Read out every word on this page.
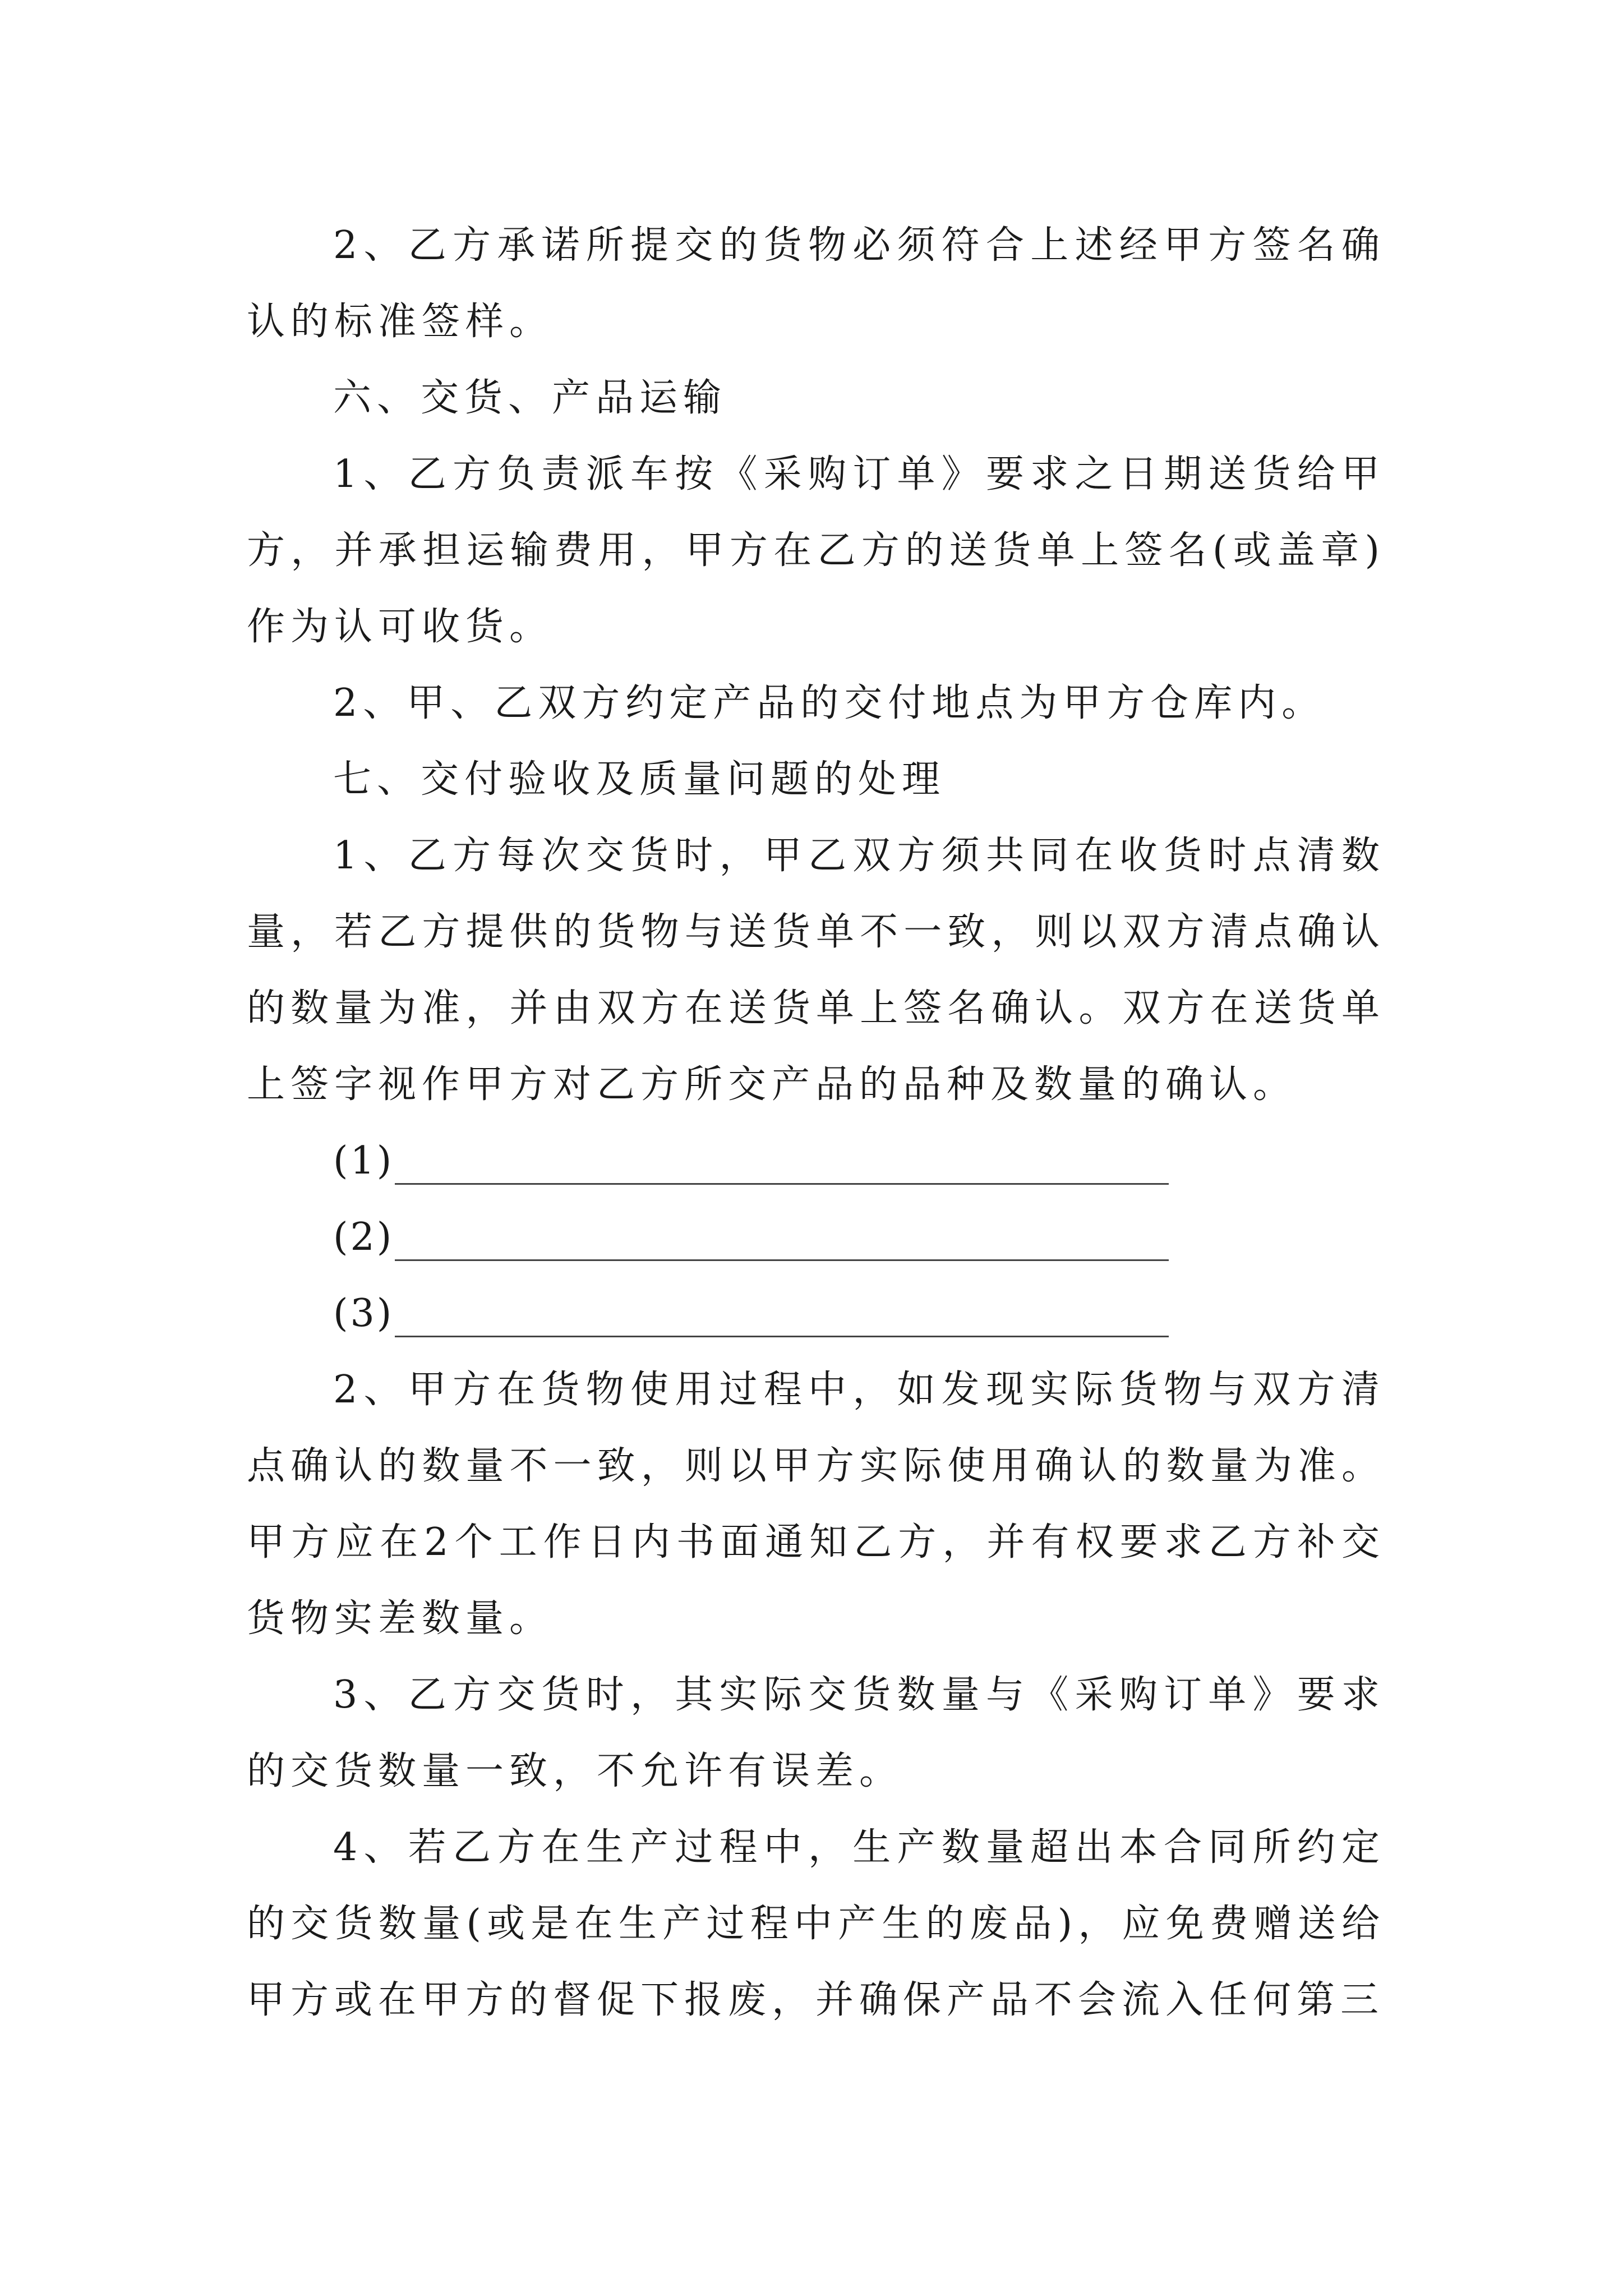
2、乙方承诺所提交的货物必须符合上述经甲方签名确认的标准签样。

六、交货、产品运输

1、乙方负责派车按《采购订单》要求之日期送货给甲方，并承担运输费用，甲方在乙方的送货单上签名(或盖章)作为认可收货。

2、甲、乙双方约定产品的交付地点为甲方仓库内。

七、交付验收及质量问题的处理

1、乙方每次交货时，甲乙双方须共同在收货时点清数量，若乙方提供的货物与送货单不一致，则以双方清点确认的数量为准，并由双方在送货单上签名确认。双方在送货单上签字视作甲方对乙方所交产品的品种及数量的确认。

(1)
(2)
(3)

2、甲方在货物使用过程中，如发现实际货物与双方清点确认的数量不一致，则以甲方实际使用确认的数量为准。甲方应在2个工作日内书面通知乙方，并有权要求乙方补交货物实差数量。

3、乙方交货时，其实际交货数量与《采购订单》要求的交货数量一致，不允许有误差。

4、若乙方在生产过程中，生产数量超出本合同所约定的交货数量(或是在生产过程中产生的废品)，应免费赠送给甲方或在甲方的督促下报废，并确保产品不会流入任何第三
